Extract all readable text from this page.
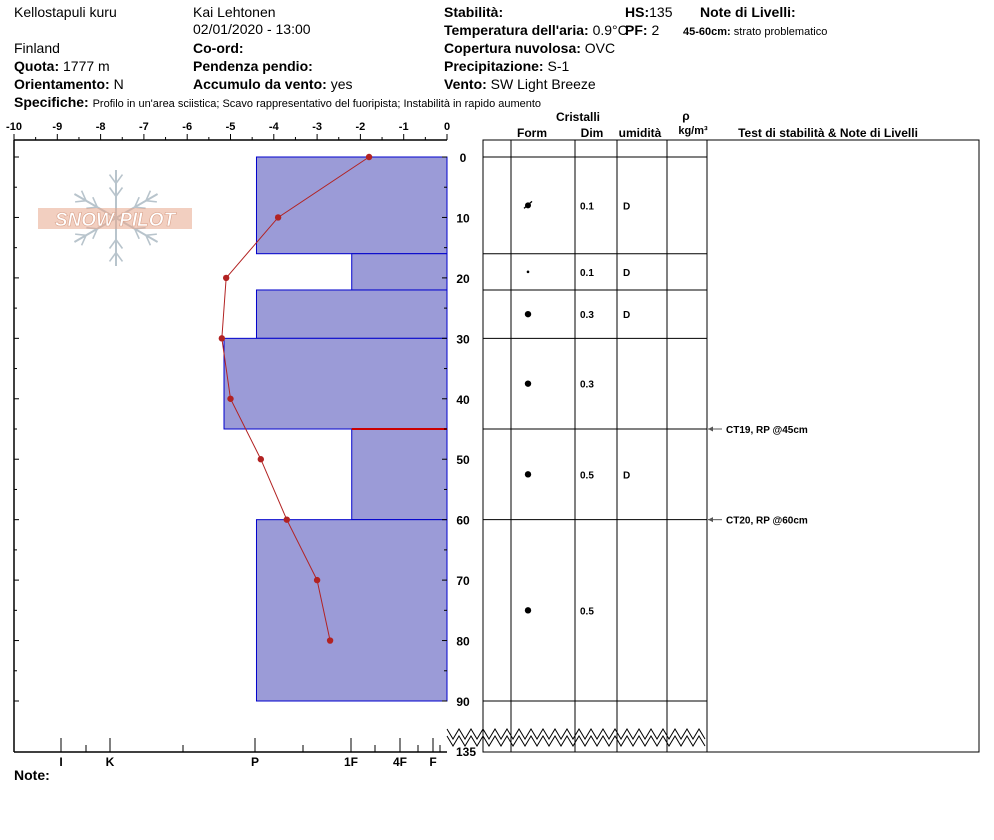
Kellostapuli kuru	Kai Lehtonen
02/01/2020 - 13:00
Finland
Quota: 1777 m
Orientamento: N
Co-ord:
Pendenza pendio:
Accumulo da vento: yes
Stabilità:
Temperatura dell'aria: 0.9°C
Copertura nuvolosa: OVC
Precipitazione: S-1
Vento: SW Light Breeze
HS:135
PF: 2
Note di Livelli:
45-60cm: strato problematico
Specifiche: Profilo in un'area sciistica; Scavo rappresentativo del fuoripista; Instabilità in rapido aumento
Note:
SNOW PILOT
-10	-9	-8	-7	-6	-5	-4	-3	-2	-1	0
0
10
20
30
40
50
60
70
80
90
135
I	K	P	1F	4F F
0.1	D
0.1	D
0.3	D
0.3
0.5	D
0.5
CT19, RP @45cm
CT20, RP @60cm
Cristalli
Form	Dim umidità
ρ
kg/m³	Test di stabilità & Note di Livelli
